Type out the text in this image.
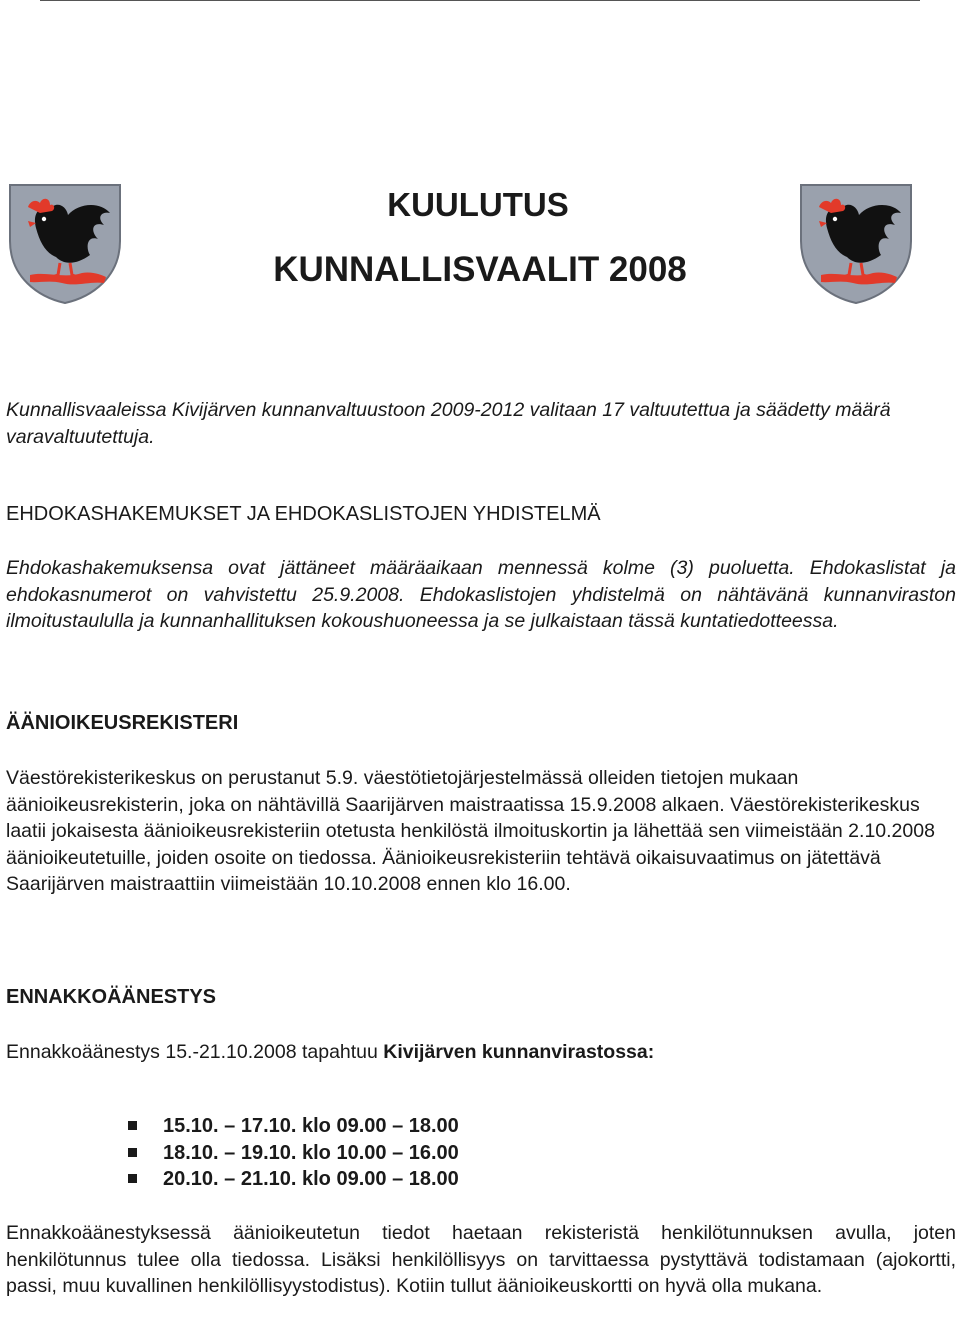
KUULUTUS
KUNNALLISVAALIT 2008

Kunnallisvaaleissa Kivijärven kunnanvaltuustoon 2009-2012 valitaan 17 valtuutettua ja säädetty määrä varavaltuutettuja.

EHDOKASHAKEMUKSET JA EHDOKASLISTOJEN YHDISTELMÄ

Ehdokashakemuksensa ovat jättäneet määräaikaan mennessä kolme (3) puoluetta. Ehdokaslistat ja ehdokasnumerot on vahvistettu 25.9.2008. Ehdokaslistojen yhdistelmä on nähtävänä kunnanviraston ilmoitustaululla ja kunnanhallituksen kokoushuoneessa ja se julkaistaan tässä kuntatiedotteessa.

ÄÄNIOIKEUSREKISTERI

Väestörekisterikeskus on perustanut 5.9. väestötietojärjestelmässä olleiden tietojen mukaan äänioikeusrekisterin, joka on nähtävillä Saarijärven maistraatissa 15.9.2008 alkaen. Väestörekisterikeskus laatii jokaisesta äänioikeusrekisteriin otetusta henkilöstä ilmoituskortin ja lähettää sen viimeistään 2.10.2008 äänioikeutetuille, joiden osoite on tiedossa. Äänioikeusrekisteriin tehtävä oikaisuvaatimus on jätettävä Saarijärven maistraattiin viimeistään 10.10.2008 ennen klo 16.00.

ENNAKKOÄÄNESTYS

Ennakkoäänestys 15.-21.10.2008 tapahtuu Kivijärven kunnanvirastossa:

15.10. – 17.10. klo 09.00 – 18.00
18.10. – 19.10. klo 10.00 – 16.00
20.10. – 21.10. klo 09.00 – 18.00

Ennakkoäänestyksessä äänioikeutetun tiedot haetaan rekisteristä henkilötunnuksen avulla, joten henkilötunnus tulee olla tiedossa. Lisäksi henkilöllisyys on tarvittaessa pystyttävä todistamaan (ajokortti, passi, muu kuvallinen henkilöllisyystodistus). Kotiin tullut äänioikeuskortti on hyvä olla mukana.
